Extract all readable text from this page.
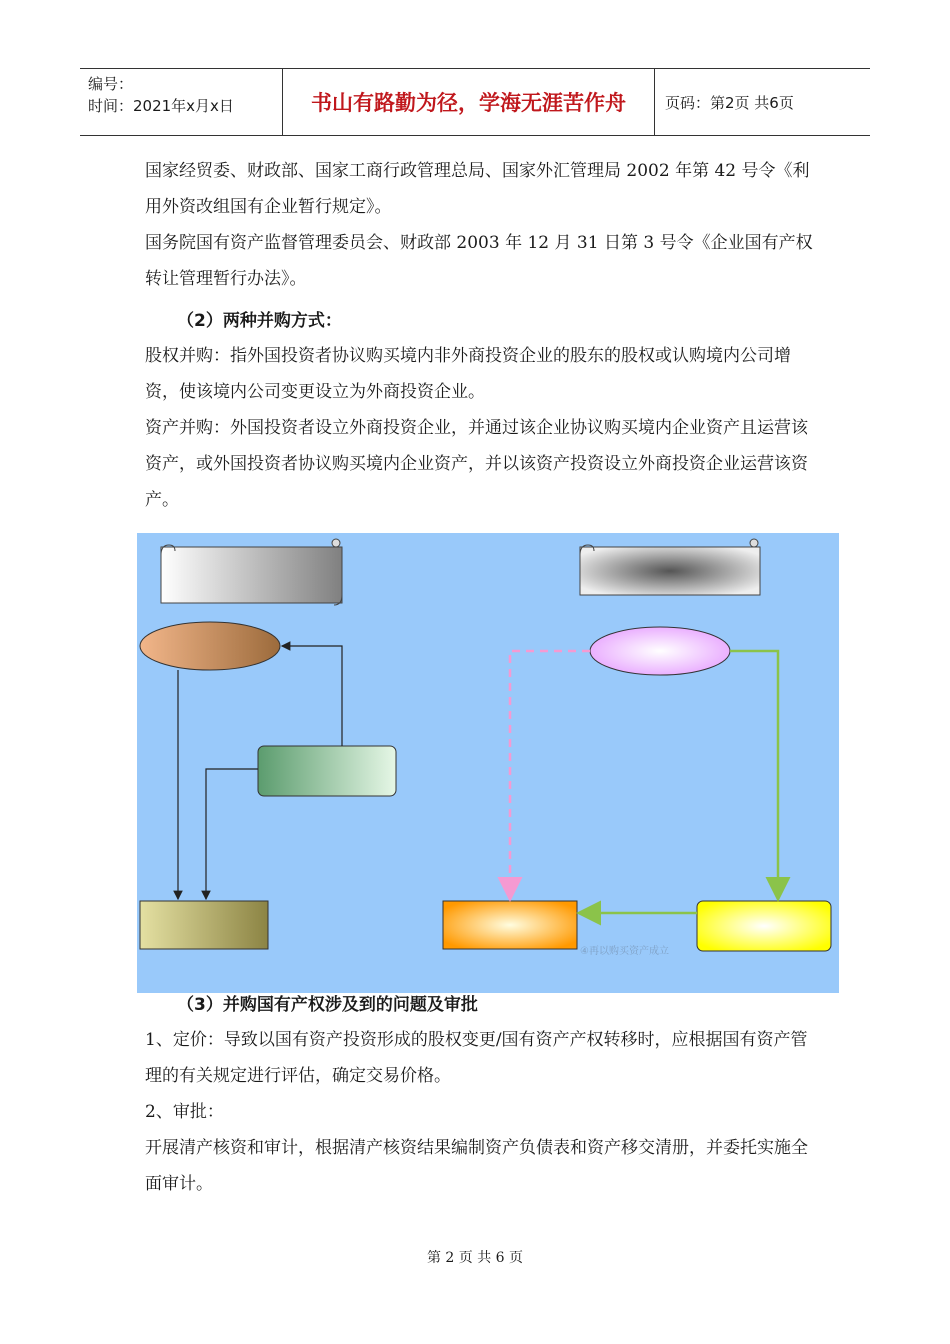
编号：
时间：2021年x月x日	书山有路勤为径，学海无涯苦作舟	页码：第2页 共6页

国家经贸委、财政部、国家工商行政管理总局、国家外汇管理局 2002 年第 42 号令《利用外资改组国有企业暂行规定》。

国务院国有资产监督管理委员会、财政部 2003 年 12 月 31 日第 3 号令《企业国有产权转让管理暂行办法》。

（2）两种并购方式：

股权并购：指外国投资者协议购买境内非外商投资企业的股东的股权或认购境内公司增资，使该境内公司变更设立为外商投资企业。

资产并购：外国投资者设立外商投资企业，并通过该企业协议购买境内企业资产且运营该资产，或外国投资者协议购买境内企业资产，并以该资产投资设立外商投资企业运营该资产。

④再以购买资产成立

（3）并购国有产权涉及到的问题及审批

1、定价：导致以国有资产投资形成的股权变更/国有资产产权转移时，应根据国有资产管理的有关规定进行评估，确定交易价格。

2、审批：

开展清产核资和审计，根据清产核资结果编制资产负债表和资产移交清册，并委托实施全面审计。

第 2 页 共 6 页
